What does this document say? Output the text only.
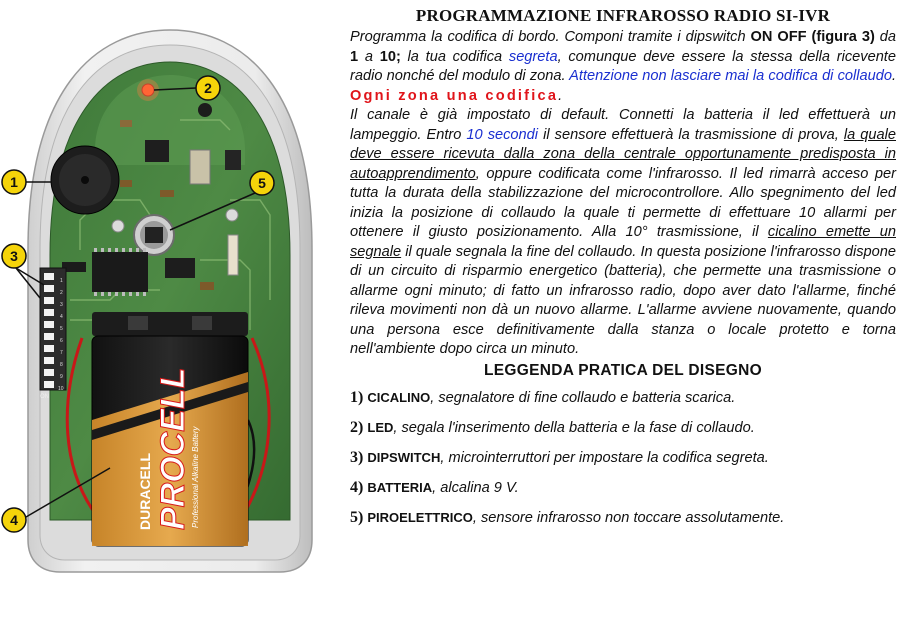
1
2
3
4
5
6
7
8
9
10
ON
DURACELL PROCELL Professional Alkaline Battery
1
2
3
4
5
PROGRAMMAZIONE INFRAROSSO RADIO SI-IVR

Programma la codifica di bordo. Componi tramite i dipswitch ON OFF (figura 3) da 1 a 10; la tua codifica segreta, comunque deve essere la stessa della ricevente radio nonché del modulo di zona. Attenzione non lasciare mai la codifica di collaudo. Ogni zona una codifica.

Il canale è già impostato di default. Connetti la batteria il led effettuerà un lampeggio. Entro 10 secondi il sensore effettuerà la trasmissione di prova, la quale deve essere ricevuta dalla zona della centrale opportunamente predisposta in autoapprendimento, oppure codificata come l'infrarosso. Il led rimarrà acceso per tutta la durata della stabilizzazione del microcontrollore. Allo spegnimento del led inizia la posizione di collaudo la quale ti permette di effettuare 10 allarmi per ottenere il giusto posizionamento. Alla 10° trasmissione, il cicalino emette un segnale il quale segnala la fine del collaudo. In questa posizione l'infrarosso dispone di un circuito di risparmio energetico (batteria), che permette una trasmissione o allarme ogni minuto; di fatto un infrarosso radio, dopo aver dato l'allarme, finché rileva movimenti non dà un nuovo allarme. L'allarme avviene nuovamente, quando una persona esce definitivamente dalla stanza o locale protetto e torna nell'ambiente dopo circa un minuto.

LEGGENDA PRATICA DEL DISEGNO
1) CICALINO, segnalatore di fine collaudo e batteria scarica.
2) LED, segala l'inserimento della batteria e la fase di collaudo.
3) DIPSWITCH, microinterruttori per impostare la codifica segreta.
4) BATTERIA, alcalina 9 V.
5) PIROELETTRICO, sensore infrarosso non toccare assolutamente.
